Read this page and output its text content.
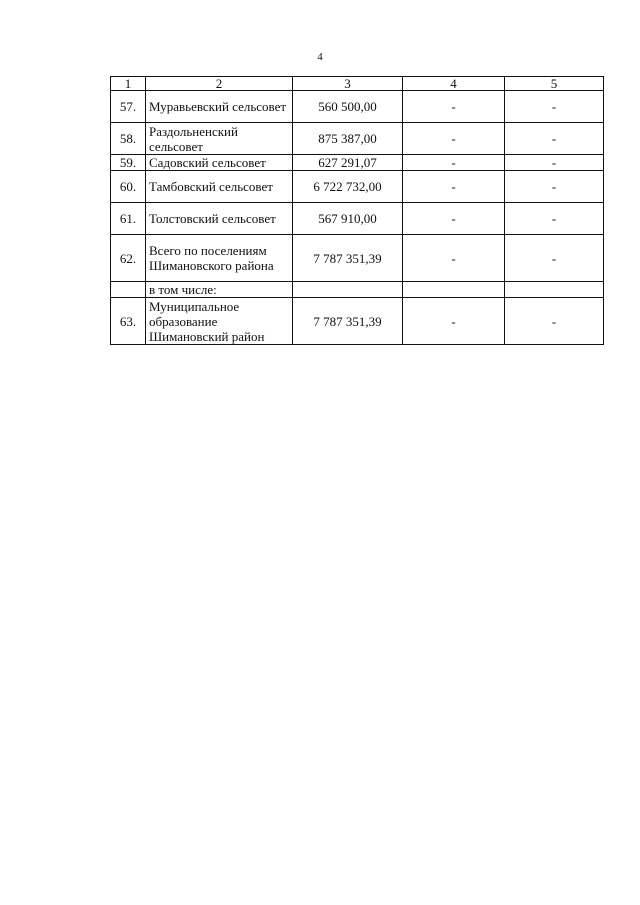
4
1	2	3	4	5
57.	Муравьевский сельсовет	560 500,00	-	-
58.	Раздольненский сельсовет	875 387,00	-	-
59.	Садовский сельсовет	627 291,07	-	-
60.	Тамбовский сельсовет	6 722 732,00	-	-
61.	Толстовский сельсовет	567 910,00	-	-
62.	Всего по поселениям Шимановского района	7 787 351,39	-	-
	в том числе:			
63.	Муниципальное образование Шимановский район	7 787 351,39	-	-
